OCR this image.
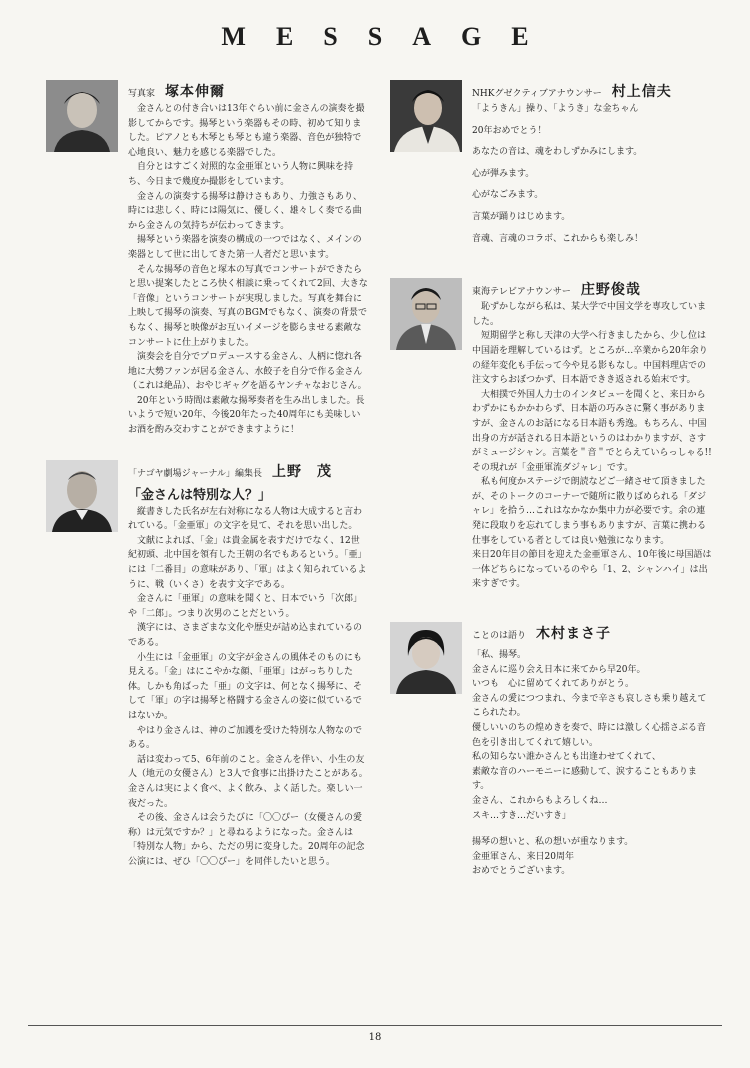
MESSAGE
写真家 塚本伸爾

金さんとの付き合いは13年ぐらい前に金さんの演奏を撮影してからです。揚琴という楽器もその時、初めて知りました。ピアノとも木琴とも琴とも違う楽器、音色が独特で心地良い、魅力を感じる楽器でした。

自分とはすごく対照的な金亜軍という人物に興味を持ち、今日まで幾度か撮影をしています。

金さんの演奏する揚琴は静けさもあり、力強さもあり、時には悲しく、時には陽気に、優しく、雄々しく奏でる曲から金さんの気持ちが伝わってきます。

揚琴という楽器を演奏の構成の一つではなく、メインの楽器として世に出してきた第一人者だと思います。

そんな揚琴の音色と塚本の写真でコンサートができたらと思い提案したところ快く相談に乗ってくれて2回、大きな「音像」というコンサートが実現しました。写真を舞台に上映して揚琴の演奏、写真のBGMでもなく、演奏の背景でもなく、揚琴と映像がお互いイメージを膨らませる素敵なコンサートに仕上がりました。

演奏会を自分でプロデュースする金さん、人柄に惚れ各地に大勢ファンが居る金さん、水餃子を自分で作る金さん（これは絶品）、おやじギャグを語るヤンチャなおじさん。

20年という時間は素敵な揚琴奏者を生み出しました。長いようで短い20年、今後20年たった40周年にも美味しいお酒を酌み交わすことができますように！

「ナゴヤ劇場ジャーナル」編集長 上野　茂
「金さんは特別な人？」

縦書きした氏名が左右対称になる人物は大成すると言われている。「金亜軍」の文字を見て、それを思い出した。

文献によれば、「金」は貴金属を表すだけでなく、12世紀初頭、北中国を領有した王朝の名でもあるという。「亜」には「二番目」の意味があり、「軍」はよく知られているように、戦（いくさ）を表す文字である。

金さんに「亜軍」の意味を聞くと、日本でいう「次郎」や「二郎」。つまり次男のことだという。

漢字には、さまざまな文化や歴史が詰め込まれているのである。

小生には「金亜軍」の文字が金さんの風体そのものにも見える。「金」はにこやかな顔、「亜軍」はがっちりした体。しかも角ばった「亜」の文字は、何となく揚琴に、そして「軍」の字は揚琴と格闘する金さんの姿に似ているではないか。

やはり金さんは、神のご加護を受けた特別な人物なのである。

話は変わって5、6年前のこと。金さんを伴い、小生の友人（地元の女優さん）と3人で食事に出掛けたことがある。金さんは実によく食べ、よく飲み、よく話した。楽しい一夜だった。

その後、金さんは会うたびに「〇〇ぴー（女優さんの愛称）は元気ですか？」と尋ねるようになった。金さんは「特別な人物」から、ただの男に変身した。20周年の記念公演には、ぜひ「〇〇ぴー」を同伴したいと思う。

NHKグゼクティブアナウンサー 村上信夫

「ようきん」操り、「ようき」な金ちゃん

20年おめでとう！

あなたの音は、魂をわしずかみにします。

心が弾みます。

心がなごみます。

言葉が踊りはじめます。

音魂、言魂のコラボ、これからも楽しみ！

東海テレビアナウンサー 庄野俊哉

恥ずかしながら私は、某大学で中国文学を専攻していました。

短期留学と称し天津の大学へ行きましたから、少し位は中国語を理解しているはず。ところが…卒業から20年余りの経年変化も手伝って今や見る影もなし。中国料理店での注文すらおぼつかず、日本語できき返される始末です。

大相撲で外国人力士のインタビューを聞くと、来日からわずかにもかかわらず、日本語の巧みさに驚く事がありますが、金さんのお話になる日本語も秀逸。もちろん、中国出身の方が話される日本語というのはわかりますが、さすがミュージシャン。言葉を＂音＂でとらえていらっしゃる!!その現れが「金亜軍流ダジャレ」です。

私も何度かステージで朗読などご一緒させて頂きましたが、そのトークのコーナーで随所に散りばめられる「ダジャレ」を拾う…これはなかなか集中力が必要です。余の連発に段取りを忘れてしまう事もありますが、言葉に携わる仕事をしている者としては良い勉強になります。

来日20年目の節目を迎えた金亜軍さん、10年後に母国語は一体どちらになっているのやら「1、2、シャンハイ」は出来すぎです。

ことのは語り 木村まさ子

「私、揚琴。

金さんに巡り会え日本に来てから早20年。

いつも　心に留めてくれてありがとう。

金さんの愛につつまれ、今まで辛さも哀しさも乗り越えてこられたわ。

優しいいのちの煌めきを奏で、時には激しく心揺さぶる音色を引き出してくれて嬉しい。

私の知らない誰かさんとも出逢わせてくれて、

素敵な音のハーモニーに感動して、涙することもあります。

金さん、これからもよろしくね…

スキ…すき…だいすき」

揚琴の想いと、私の想いが重なります。

金亜軍さん、来日20周年

おめでとうございます。

18
